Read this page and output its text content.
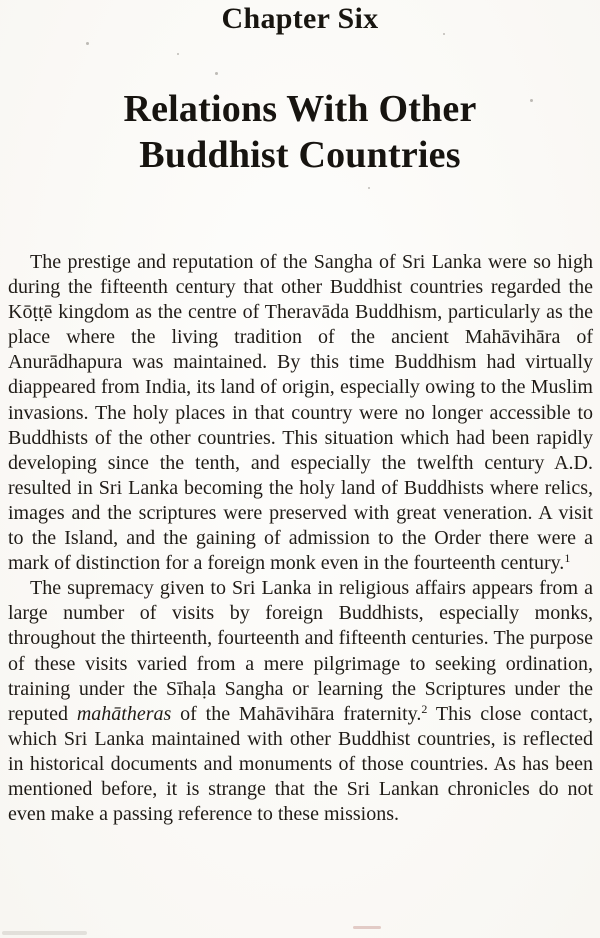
Chapter Six
Relations With Other
Buddhist Countries

The prestige and reputation of the Sangha of Sri Lanka were so high during the fifteenth century that other Buddhist countries regarded the Kōṭṭē kingdom as the centre of Theravāda Buddhism, particularly as the place where the living tradition of the ancient Mahāvihāra of Anurādhapura was maintained. By this time Buddhism had virtually diappeared from India, its land of origin, especially owing to the Muslim invasions. The holy places in that country were no longer accessible to Buddhists of the other countries. This situation which had been rapidly developing since the tenth, and especially the twelfth century A.D. resulted in Sri Lanka becoming the holy land of Buddhists where relics, images and the scriptures were preserved with great veneration. A visit to the Island, and the gaining of admission to the Order there were a mark of distinction for a foreign monk even in the fourteenth century.$^1$

The supremacy given to Sri Lanka in religious affairs appears from a large number of visits by foreign Buddhists, especially monks, throughout the thirteenth, fourteenth and fifteenth centuries. The purpose of these visits varied from a mere pilgrimage to seeking ordination, training under the Sīhaḷa Sangha or learning the Scriptures under the reputed mahātheras of the Mahāvihāra fraternity.$^2$ This close contact, which Sri Lanka maintained with other Buddhist countries, is reflected in historical documents and monuments of those countries. As has been mentioned before, it is strange that the Sri Lankan chronicles do not even make a passing reference to these missions.
